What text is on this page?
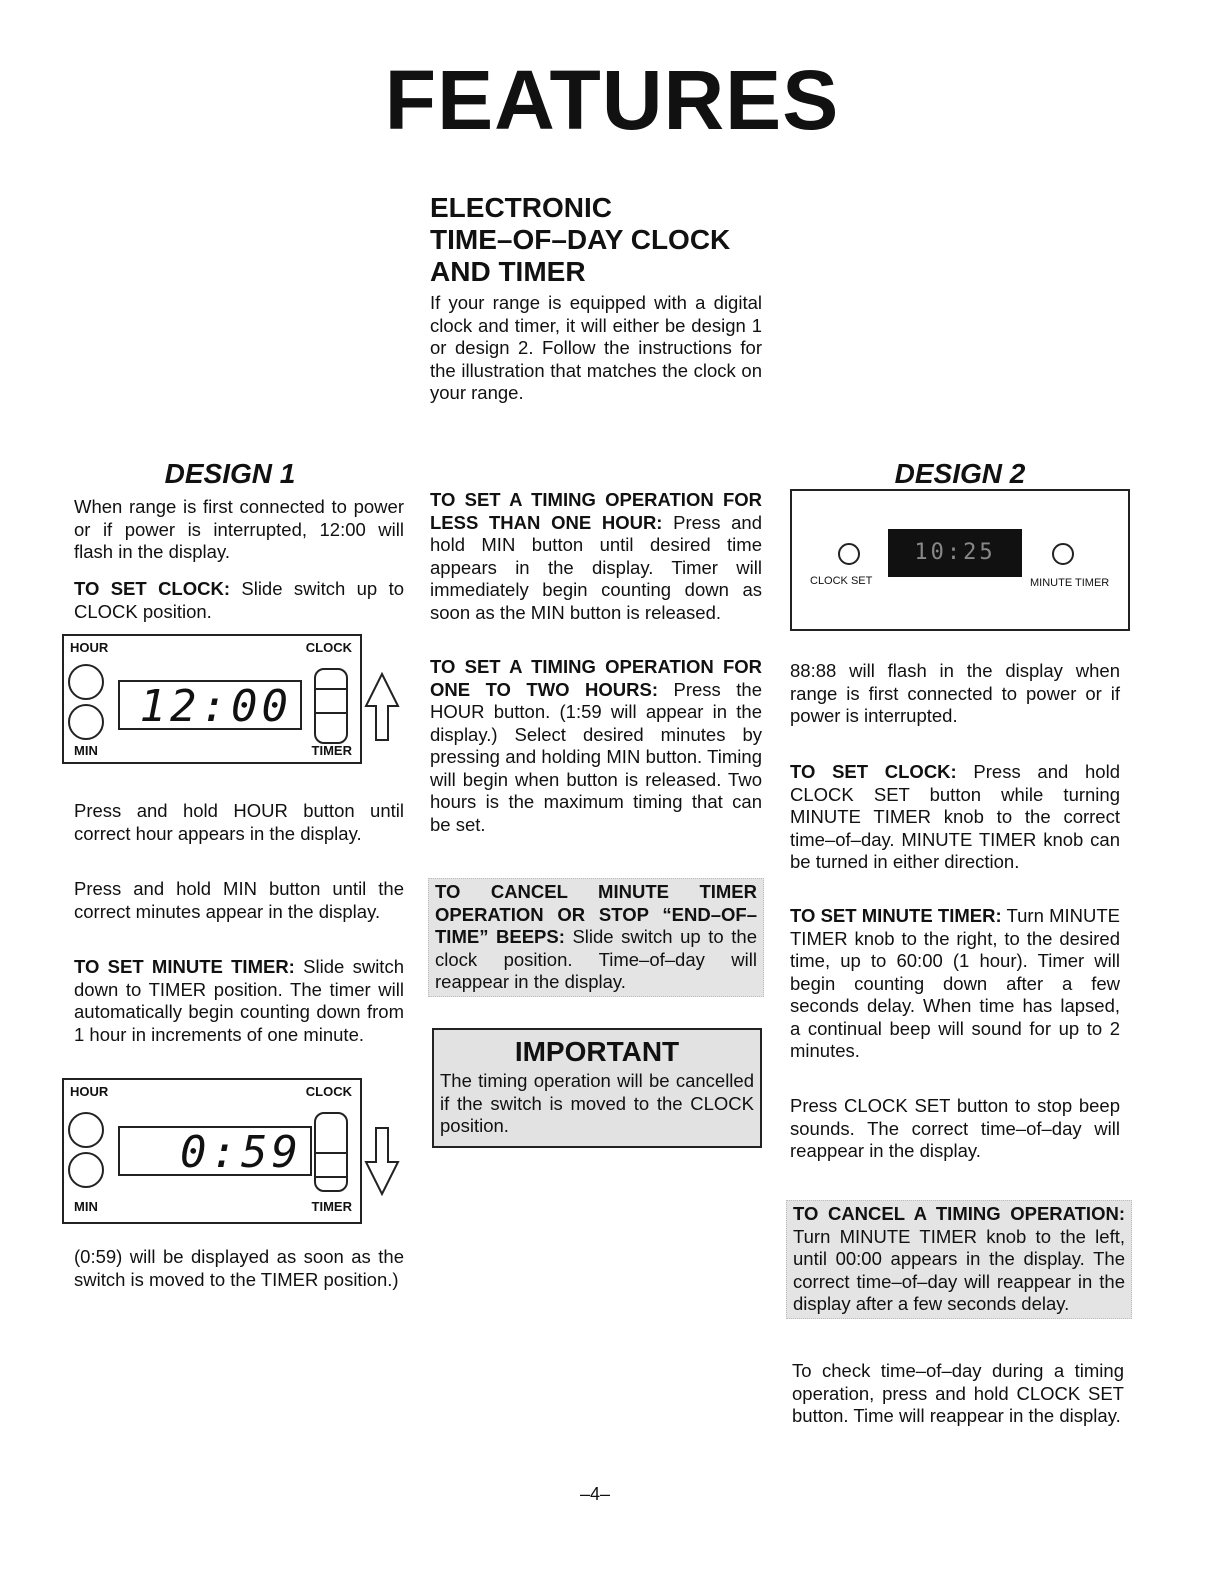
FEATURES
ELECTRONIC
TIME–OF–DAY CLOCK
AND TIMER
If your range is equipped with a digital clock and timer, it will either be design 1 or design 2. Follow the instructions for the illustration that matches the clock on your range.
DESIGN 1
When range is first connected to power or if power is interrupted, 12:00 will flash in the display.
TO SET CLOCK: Slide switch up to CLOCK position.
HOUR	CLOCK
12:00
MIN	TIMER
Press and hold HOUR button until correct hour appears in the display.
Press and hold MIN button until the correct minutes appear in the display.
TO SET MINUTE TIMER: Slide switch down to TIMER position. The timer will automatically begin counting down from 1 hour in increments of one minute.
HOUR	CLOCK
0:59
MIN	TIMER
(0:59) will be displayed as soon as the switch is moved to the TIMER position.)
TO SET A TIMING OPERATION FOR LESS THAN ONE HOUR: Press and hold MIN button until desired time appears in the display. Timer will immediately begin counting down as soon as the MIN button is released.
TO SET A TIMING OPERATION FOR ONE TO TWO HOURS: Press the HOUR button. (1:59 will appear in the display.) Select desired minutes by pressing and holding MIN button. Timing will begin when button is released. Two hours is the maximum timing that can be set.
TO CANCEL MINUTE TIMER OPERATION OR STOP “END–OF–TIME” BEEPS: Slide switch up to the clock position. Time–of–day will reappear in the display.
IMPORTANT
The timing operation will be cancelled if the switch is moved to the CLOCK position.
DESIGN 2
CLOCK SET
10:25
MINUTE TIMER
88:88 will flash in the display when range is first connected to power or if power is interrupted.
TO SET CLOCK: Press and hold CLOCK SET button while turning MINUTE TIMER knob to the correct time–of–day. MINUTE TIMER knob can be turned in either direction.
TO SET MINUTE TIMER: Turn MINUTE TIMER knob to the right, to the desired time, up to 60:00 (1 hour). Timer will begin counting down after a few seconds delay. When time has lapsed, a continual beep will sound for up to 2 minutes.
Press CLOCK SET button to stop beep sounds. The correct time–of–day will reappear in the display.
TO CANCEL A TIMING OPERATION: Turn MINUTE TIMER knob to the left, until 00:00 appears in the display. The correct time–of–day will reappear in the display after a few seconds delay.
To check time–of–day during a timing operation, press and hold CLOCK SET button. Time will reappear in the display.
–4–
